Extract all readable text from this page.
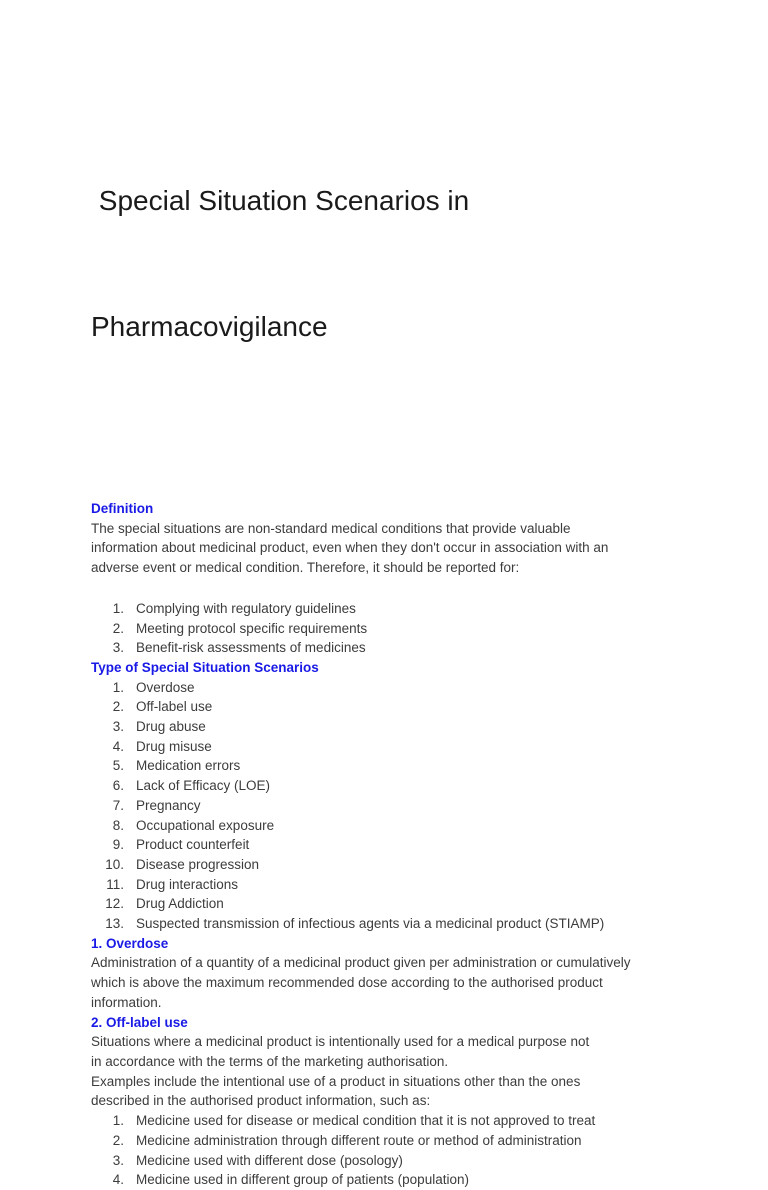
Special Situation Scenarios in

Pharmacovigilance

Definition

The special situations are non-standard medical conditions that provide valuable
information about medicinal product, even when they don't occur in association with an
adverse event or medical condition. Therefore, it should be reported for:

1. Complying with regulatory guidelines
2. Meeting protocol specific requirements
3. Benefit-risk assessments of medicines

Type of Special Situation Scenarios

1. Overdose
2. Off-label use
3. Drug abuse
4. Drug misuse
5. Medication errors
6. Lack of Efficacy (LOE)
7. Pregnancy
8. Occupational exposure
9. Product counterfeit
10. Disease progression
11. Drug interactions
12. Drug Addiction
13. Suspected transmission of infectious agents via a medicinal product (STIAMP)

1. Overdose

Administration of a quantity of a medicinal product given per administration or cumulatively
which is above the maximum recommended dose according to the authorised product
information.

2. Off-label use

Situations where a medicinal product is intentionally used for a medical purpose not
in accordance with the terms of the marketing authorisation.
Examples include the intentional use of a product in situations other than the ones
described in the authorised product information, such as:

1. Medicine used for disease or medical condition that it is not approved to treat
2. Medicine administration through different route or method of administration
3. Medicine used with different dose (posology)
4. Medicine used in different group of patients (population)
